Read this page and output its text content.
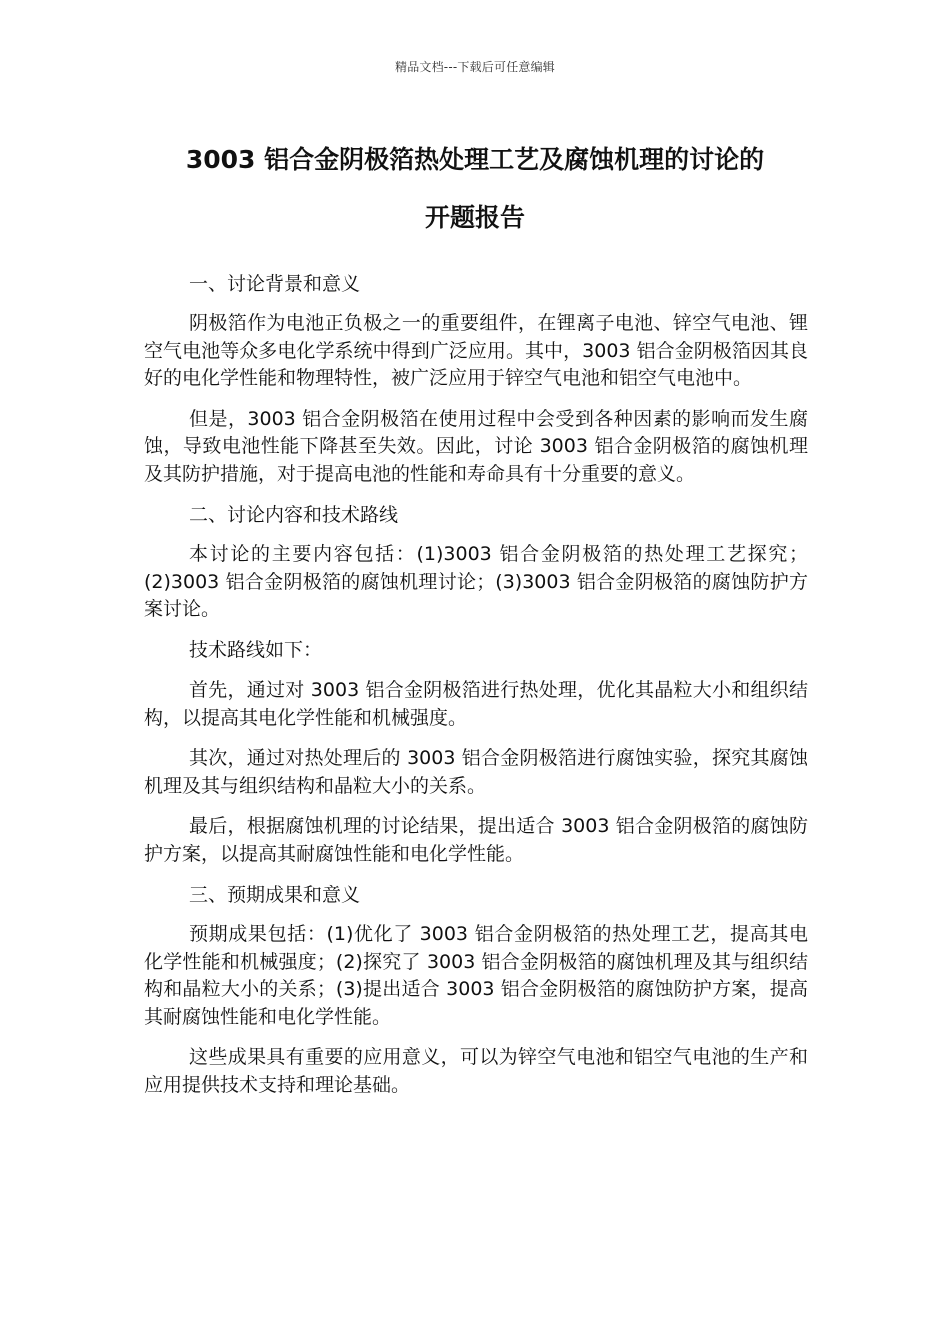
精品文档---下载后可任意编辑
3003 铝合金阴极箔热处理工艺及腐蚀机理的讨论的
开题报告

一、讨论背景和意义

阴极箔作为电池正负极之一的重要组件，在锂离子电池、锌空气电池、锂空气电池等众多电化学系统中得到广泛应用。其中，3003 铝合金阴极箔因其良好的电化学性能和物理特性，被广泛应用于锌空气电池和铝空气电池中。

但是，3003 铝合金阴极箔在使用过程中会受到各种因素的影响而发生腐蚀，导致电池性能下降甚至失效。因此，讨论 3003 铝合金阴极箔的腐蚀机理及其防护措施，对于提高电池的性能和寿命具有十分重要的意义。

二、讨论内容和技术路线

本讨论的主要内容包括：(1)3003 铝合金阴极箔的热处理工艺探究；(2)3003 铝合金阴极箔的腐蚀机理讨论；(3)3003 铝合金阴极箔的腐蚀防护方案讨论。

技术路线如下：

首先，通过对 3003 铝合金阴极箔进行热处理，优化其晶粒大小和组织结构，以提高其电化学性能和机械强度。

其次，通过对热处理后的 3003 铝合金阴极箔进行腐蚀实验，探究其腐蚀机理及其与组织结构和晶粒大小的关系。

最后，根据腐蚀机理的讨论结果，提出适合 3003 铝合金阴极箔的腐蚀防护方案，以提高其耐腐蚀性能和电化学性能。

三、预期成果和意义

预期成果包括：(1)优化了 3003 铝合金阴极箔的热处理工艺，提高其电化学性能和机械强度；(2)探究了 3003 铝合金阴极箔的腐蚀机理及其与组织结构和晶粒大小的关系；(3)提出适合 3003 铝合金阴极箔的腐蚀防护方案，提高其耐腐蚀性能和电化学性能。

这些成果具有重要的应用意义，可以为锌空气电池和铝空气电池的生产和应用提供技术支持和理论基础。
